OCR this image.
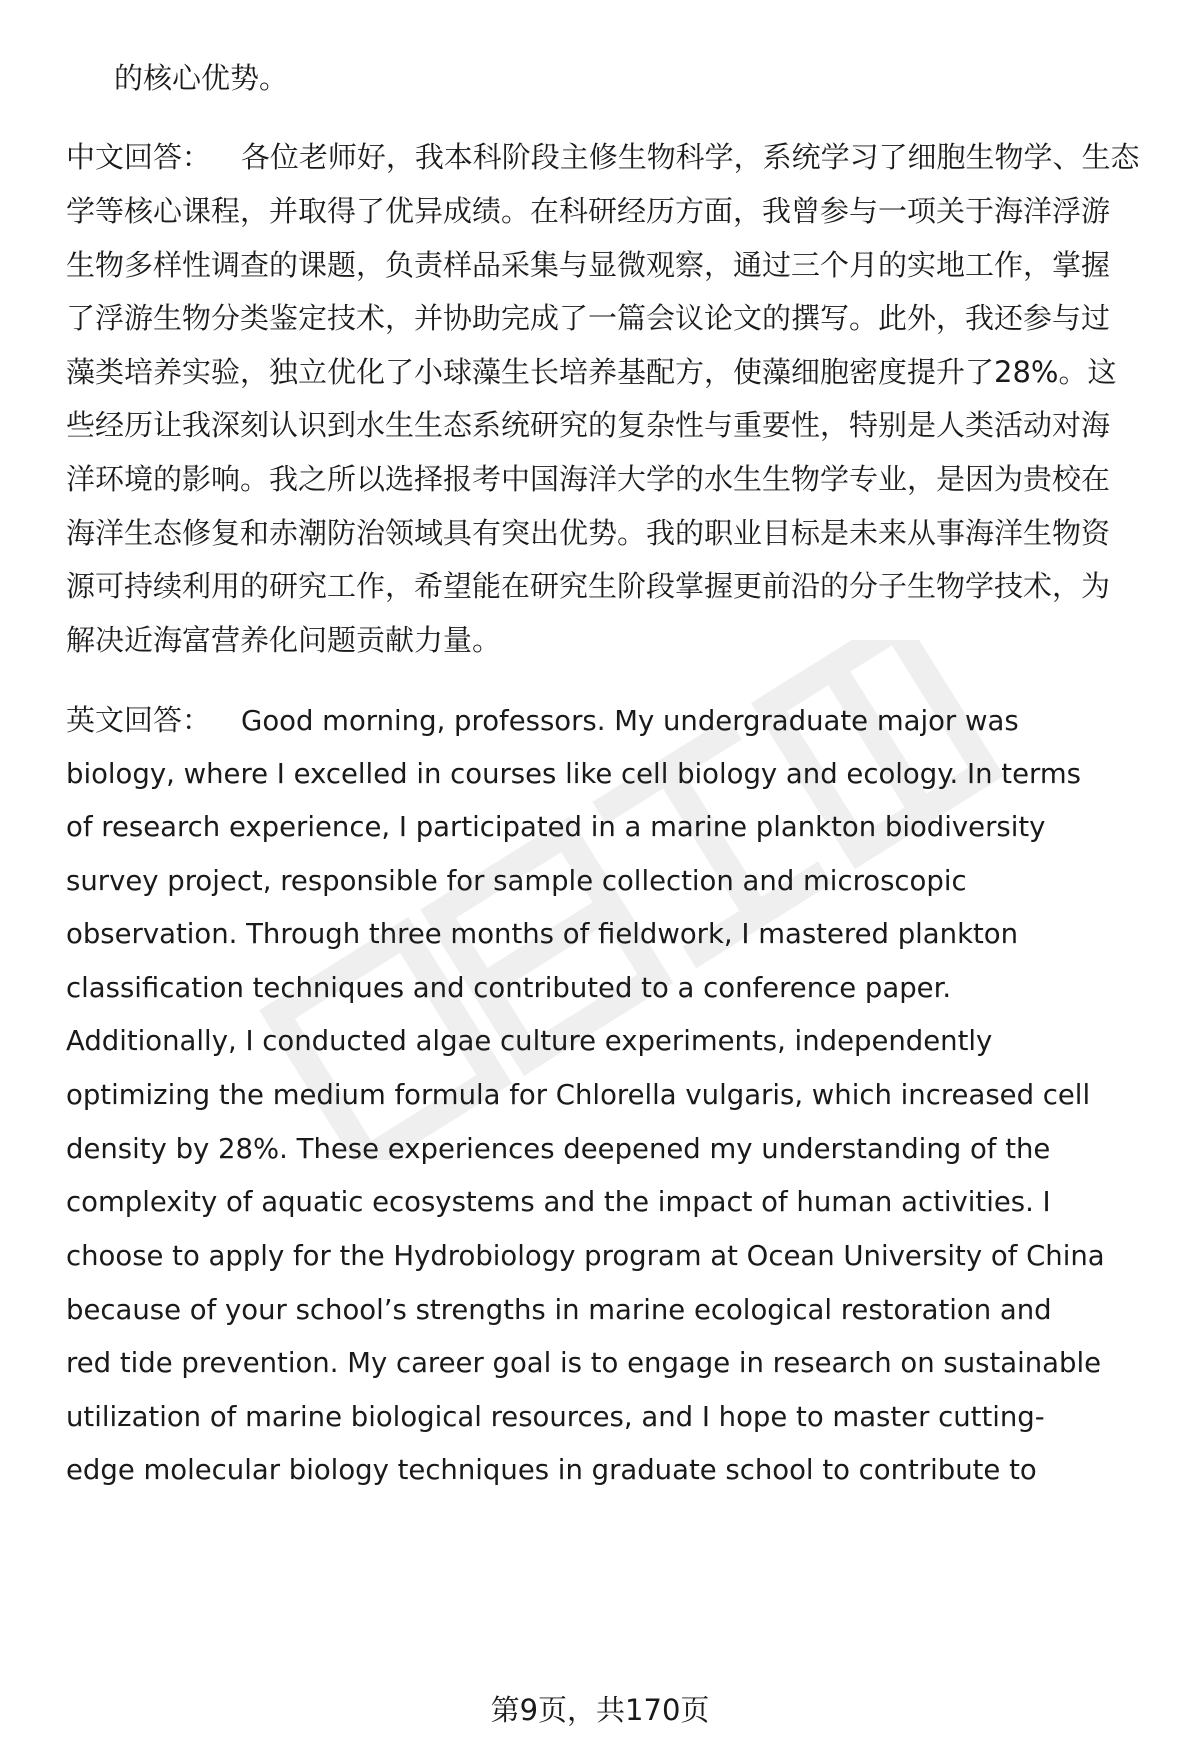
的核心优势。
中文回答： 各位老师好，我本科阶段主修生物科学，系统学习了细胞生物学、生态
学等核心课程，并取得了优异成绩。在科研经历方面，我曾参与一项关于海洋浮游
生物多样性调查的课题，负责样品采集与显微观察，通过三个月的实地工作，掌握
了浮游生物分类鉴定技术，并协助完成了一篇会议论文的撰写。此外，我还参与过
藻类培养实验，独立优化了小球藻生长培养基配方，使藻细胞密度提升了28%。这
些经历让我深刻认识到水生生态系统研究的复杂性与重要性，特别是人类活动对海
洋环境的影响。我之所以选择报考中国海洋大学的水生生物学专业，是因为贵校在
海洋生态修复和赤潮防治领域具有突出优势。我的职业目标是未来从事海洋生物资
源可持续利用的研究工作，希望能在研究生阶段掌握更前沿的分子生物学技术，为
解决近海富营养化问题贡献力量。
英文回答： Good morning, professors. My undergraduate major was
biology, where I excelled in courses like cell biology and ecology. In terms
of research experience, I participated in a marine plankton biodiversity
survey project, responsible for sample collection and microscopic
observation. Through three months of fieldwork, I mastered plankton
classification techniques and contributed to a conference paper.
Additionally, I conducted algae culture experiments, independently
optimizing the medium formula for Chlorella vulgaris, which increased cell
density by 28%. These experiences deepened my understanding of the
complexity of aquatic ecosystems and the impact of human activities. I
choose to apply for the Hydrobiology program at Ocean University of China
because of your school’s strengths in marine ecological restoration and
red tide prevention. My career goal is to engage in research on sustainable
utilization of marine biological resources, and I hope to master cutting-
edge molecular biology techniques in graduate school to contribute to
第9页，共170页
